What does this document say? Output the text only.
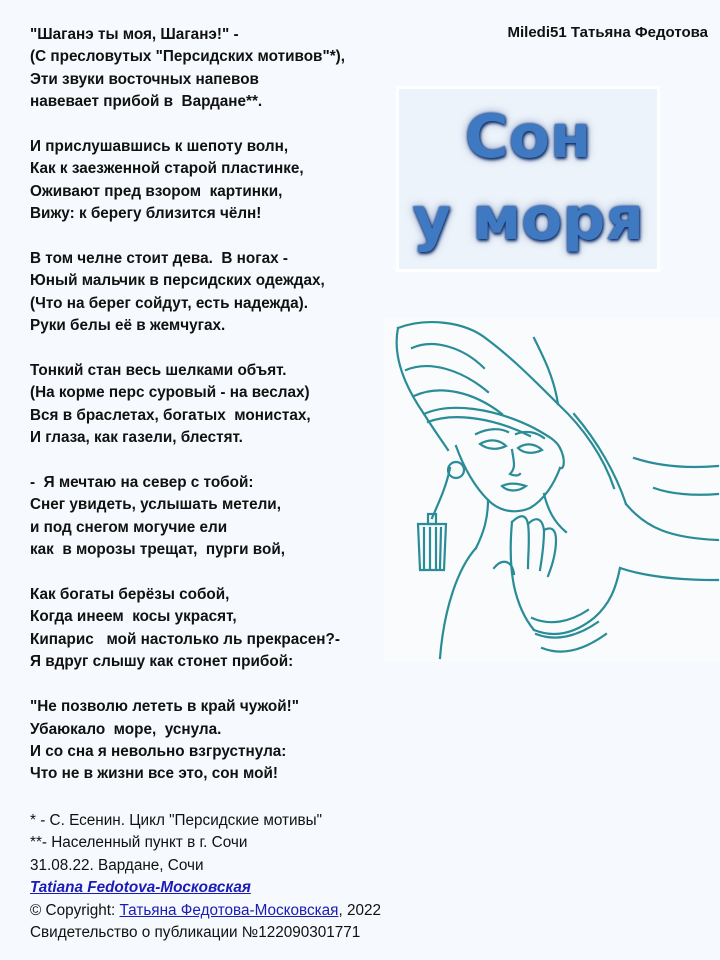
Miledi51 Татьяна Федотова
"Шаганэ ты моя, Шаганэ!" -
(С пресловутых "Персидских мотивов"*),
Эти звуки восточных напевов
навевает прибой в  Вардане**.
И прислушавшись к шепоту волн,
Как к заезженной старой пластинке,
Оживают пред взором  картинки,
Вижу: к берегу близится чёлн!
В том челне стоит дева.  В ногах -
Юный мальчик в персидских одеждах,
(Что на берег сойдут, есть надежда).
Руки белы её в жемчугах.
Тонкий стан весь шелками объят.
(На корме перс суровый - на веслах)
Вся в браслетах, богатых  монистах,
И глаза, как газели, блестят.
-  Я мечтаю на север с тобой:
Снег увидеть, услышать метели,
и под снегом могучие ели
как  в морозы трещат,  пурги вой,
Как богаты берёзы собой,
Когда инеем  косы украсят,
Кипарис   мой настолько ль прекрасен?-
Я вдруг слышу как стонет прибой:
"Не позволю лететь в край чужой!"
Убаюкало  море,  уснула.
И со сна я невольно взгрустнула:
Что не в жизни все это, сон мой!
Сон
у моря
* - С. Есенин. Цикл "Персидские мотивы"
**- Населенный пункт в г. Сочи
31.08.22. Вардане, Сочи
Tatiana Fedotova-Московская
© Copyright: Татьяна Федотова-Московская, 2022
Свидетельство о публикации №122090301771
